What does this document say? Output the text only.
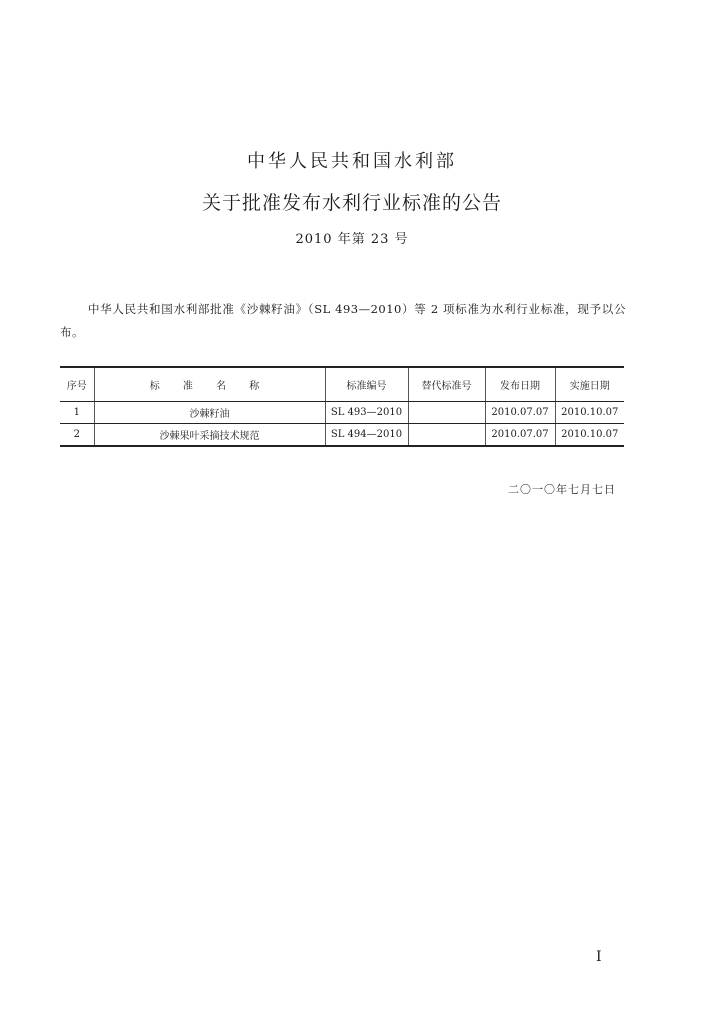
中华人民共和国水利部
关于批准发布水利行业标准的公告
2010 年第 23 号

中华人民共和国水利部批准《沙棘籽油》（SL 493—2010）等 2 项标准为水利行业标准，现予以公布。

序号	标 准 名 称	标准编号	替代标准号	发布日期	实施日期
1	沙棘籽油	SL 493—2010		2010.07.07	2010.10.07
2	沙棘果叶采摘技术规范	SL 494—2010		2010.07.07	2010.10.07
二〇一〇年七月七日
I
